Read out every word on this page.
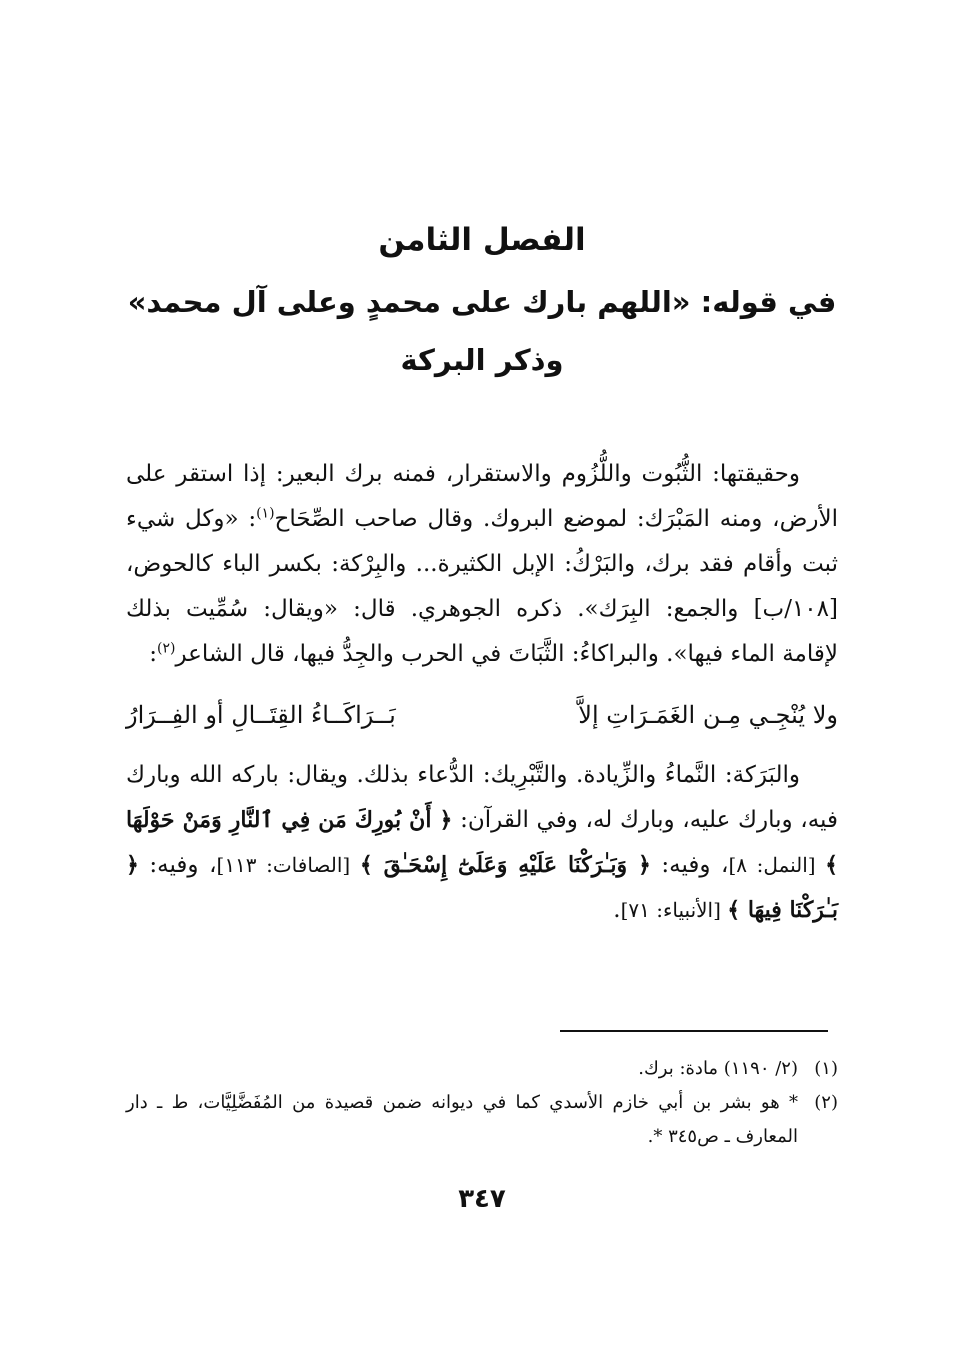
الفصل الثامن
في قوله: «اللهم بارك على محمدٍ وعلى آل محمد»
وذكر البركة

وحقيقتها: الثُّبُوت واللُّزُوم والاستقرار، فمنه برك البعير: إذا استقر على الأرض، ومنه المَبْرَك: لموضع البروك. وقال صاحب الصِّحَاح$^{(١)}$: «وكل شيء ثبت وأقام فقد برك، والبَرْكُ: الإبل الكثيرة... والبِرْكة: بكسر الباء كالحوض، [١٠٨/ب] والجمع: البِرَك». ذكره الجوهري. قال: «ويقال: سُمِّيت بذلك لإقامة الماء فيها». والبراكاءُ: الثَّبَاتَ في الحرب والجِدُّ فيها، قال الشاعر$^{(٢)}$:

ولا يُنْجِـي مِـن الغَمَـرَاتِ إلاَّ
بَــرَاكَــاءُ القِتَــالِ أو الفِــرَارُ

والبَرَكة: النَّماءُ والزِّيادة. والتَّبْرِيك: الدُّعاء بذلك. ويقال: باركه الله وبارك فيه، وبارك عليه، وبارك له، وفي القرآن: ﴿ أَنْ بُورِكَ مَن فِي ٱلنَّارِ وَمَنْ حَوْلَهَا ﴾ [النمل: ٨]، وفيه: ﴿ وَبَـٰرَكْنَا عَلَيْهِ وَعَلَىٰٓ إِسْحَـٰقَ ﴾ [الصافات: ١١٣]، وفيه: ﴿ بَـٰرَكْنَا فِيهَا ﴾ [الأنبياء: ٧١].

(١)
(٢/ ١١٩٠) مادة: برك.
(٢)
* هو بشر بن أبي خازم الأسدي كما في ديوانه ضمن قصيدة من المُفَضَّلِيَّات، ط ـ دار المعارف ـ ص٣٤٥ *.
٣٤٧
